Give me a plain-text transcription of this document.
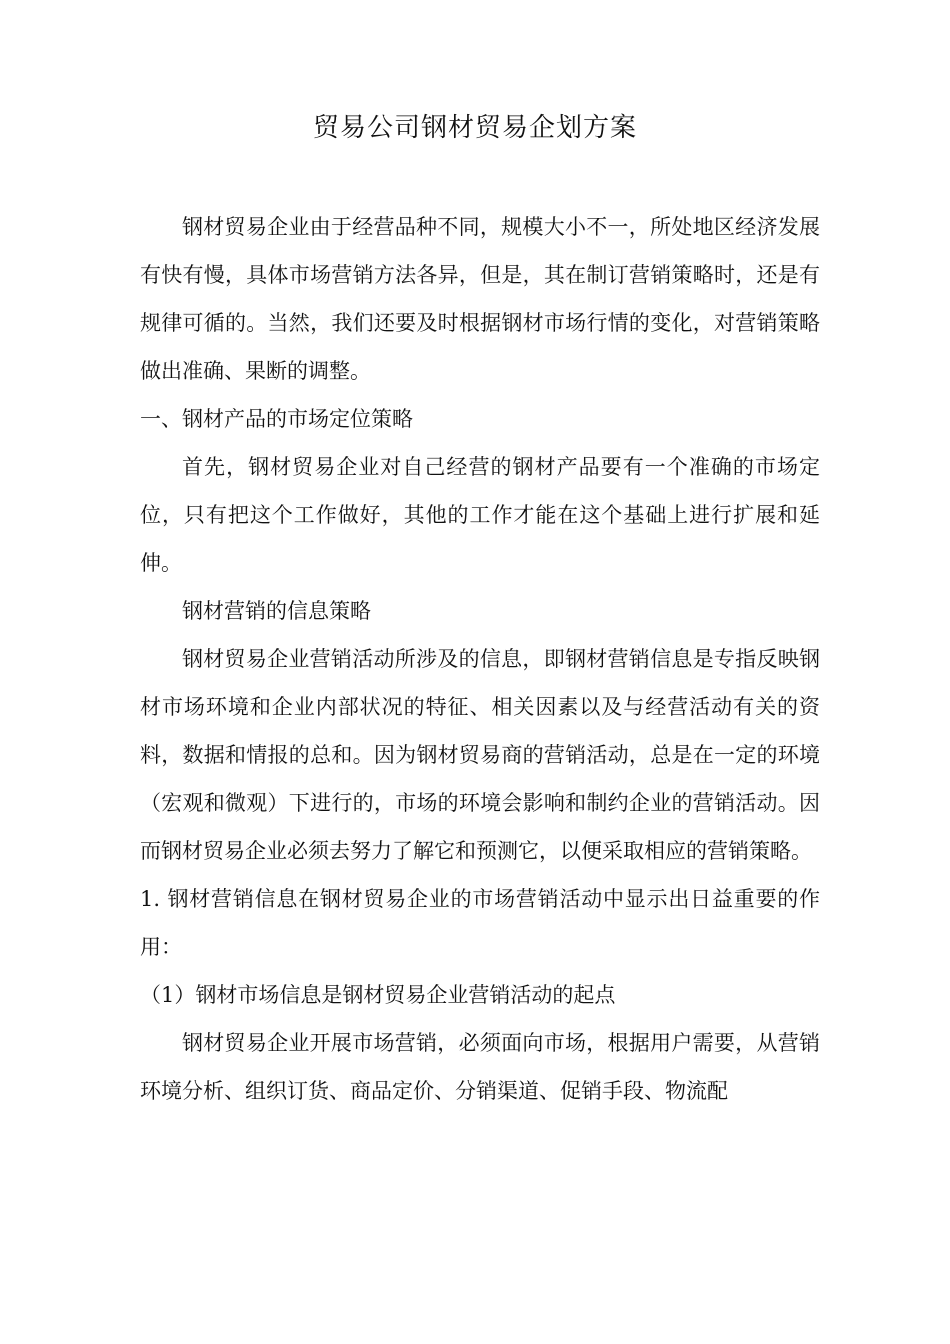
贸易公司钢材贸易企划方案

钢材贸易企业由于经营品种不同，规模大小不一，所处地区经济发展有快有慢，具体市场营销方法各异，但是，其在制订营销策略时，还是有规律可循的。当然，我们还要及时根据钢材市场行情的变化，对营销策略做出准确、果断的调整。

一、钢材产品的市场定位策略

首先，钢材贸易企业对自己经营的钢材产品要有一个准确的市场定位，只有把这个工作做好，其他的工作才能在这个基础上进行扩展和延伸。

钢材营销的信息策略

钢材贸易企业营销活动所涉及的信息，即钢材营销信息是专指反映钢材市场环境和企业内部状况的特征、相关因素以及与经营活动有关的资料，数据和情报的总和。因为钢材贸易商的营销活动，总是在一定的环境（宏观和微观）下进行的，市场的环境会影响和制约企业的营销活动。因而钢材贸易企业必须去努力了解它和预测它，以便采取相应的营销策略。

1. 钢材营销信息在钢材贸易企业的市场营销活动中显示出日益重要的作用：

（1）钢材市场信息是钢材贸易企业营销活动的起点

钢材贸易企业开展市场营销，必须面向市场，根据用户需要，从营销环境分析、组织订货、商品定价、分销渠道、促销手段、物流配
